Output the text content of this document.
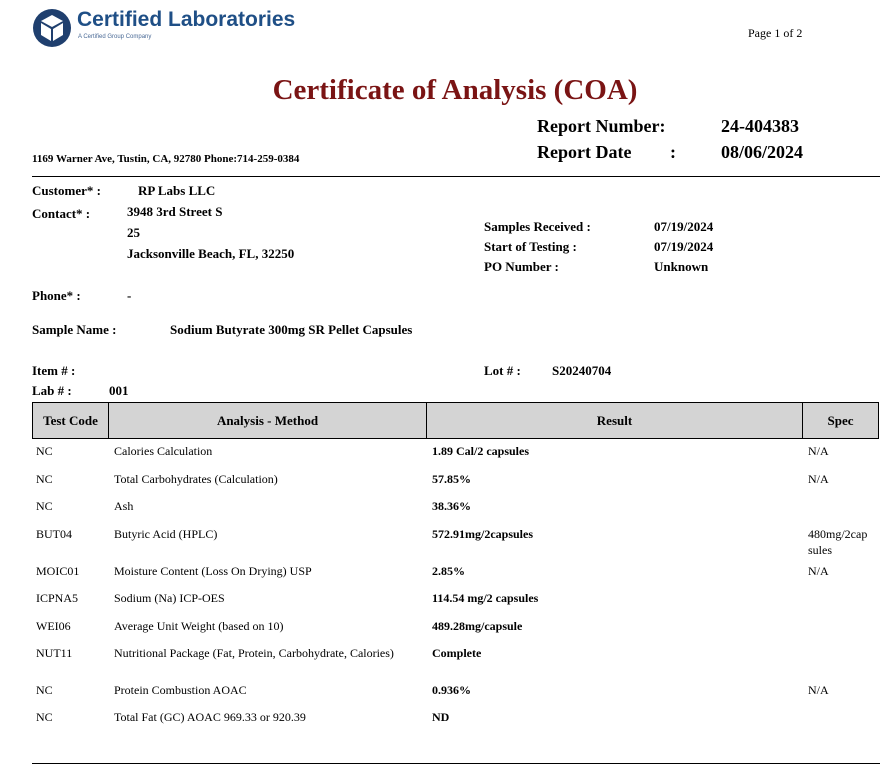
Certified Laboratories
A Certified Group Company	Page 1 of 2
Certificate of Analysis (COA)
Report Number:	24-404383
Report Date :	08/06/2024
1169 Warner Ave, Tustin, CA, 92780 Phone:714-259-0384
Customer* :	RP Labs LLC
Contact* :	3948 3rd Street S
25
Jacksonville Beach, FL, 32250
Samples Received :	07/19/2024
Start of Testing :	07/19/2024
PO Number :	Unknown
Phone* :	-
Sample Name :	Sodium Butyrate 300mg SR Pellet Capsules
Item # :	Lot # : S20240704
Lab # :	001
Test Code	Analysis - Method	Result	Spec
NC	Calories Calculation	1.89 Cal/2 capsules	N/A
NC	Total Carbohydrates (Calculation)	57.85%	N/A
NC	Ash	38.36%
BUT04	Butyric Acid (HPLC)	572.91mg/2capsules	480mg/2cap sules
MOIC01	Moisture Content (Loss On Drying) USP	2.85%	N/A
ICPNA5	Sodium (Na) ICP-OES	114.54 mg/2 capsules
WEI06	Average Unit Weight (based on 10)	489.28mg/capsule
NUT11	Nutritional Package (Fat, Protein, Carbohydrate, Calories)	Complete
NC	Protein Combustion AOAC	0.936%	N/A
NC	Total Fat (GC) AOAC 969.33 or 920.39	ND
